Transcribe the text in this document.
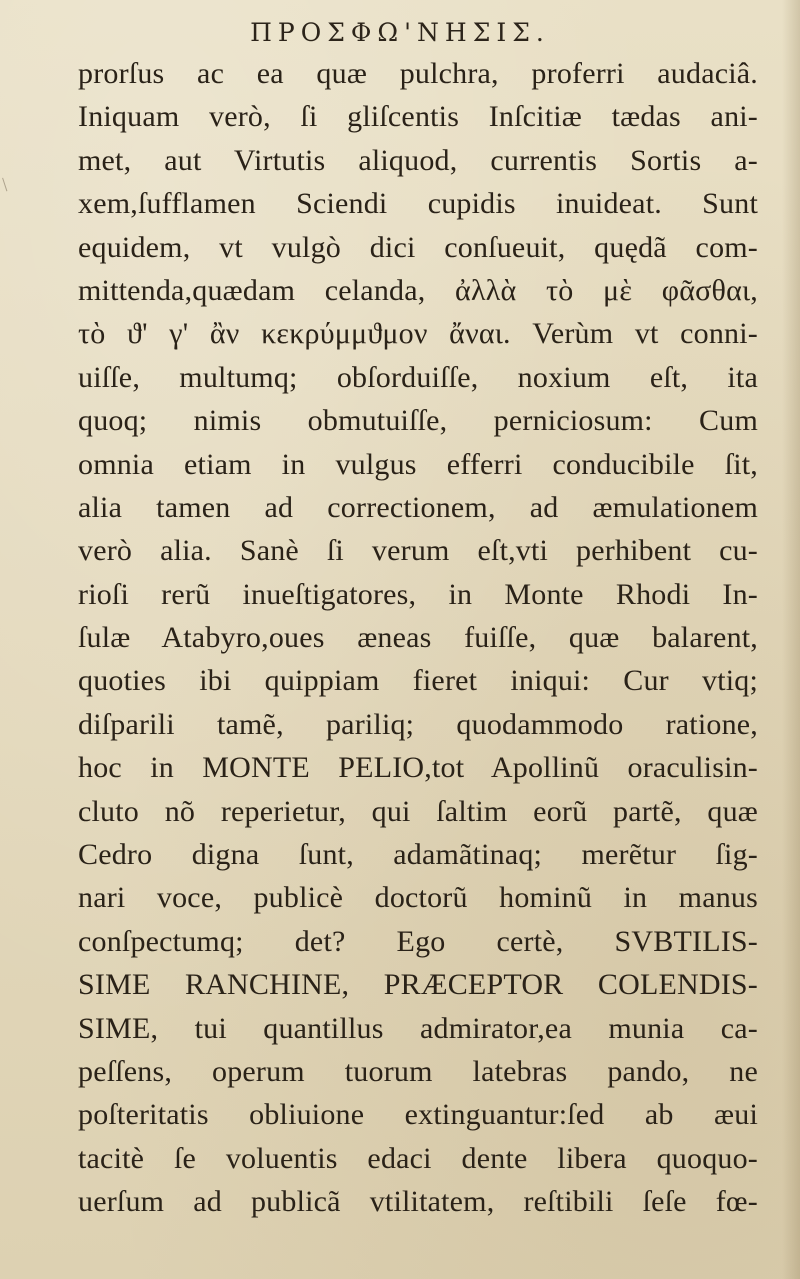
ΠΡΟΣΦΩ'ΝΗΣΙΣ.
prorſus ac ea quæ pulchra, proferri audaciâ.
Iniquam verò, ſi gliſcentis Inſcitiæ tædas ani-
met, aut Virtutis aliquod, currentis Sortis a-
xem,ſufflamen Sciendi cupidis inuideat. Sunt
equidem, vt vulgò dici conſueuit, quędã com-
mittenda,quædam celanda, ἀλλὰ τὸ μὲ φᾶσθαι,
τὸ ϑ' γ' ἂν κεκρύμμϑμον ἄναι. Verùm vt conni-
uiſſe, multumq; obſorduiſſe, noxium eſt, ita
quoq; nimis obmutuiſſe, perniciosum: Cum
omnia etiam in vulgus efferri conducibile ſit,
alia tamen ad correctionem, ad æmulationem
verò alia. Sanè ſi verum eſt,vti perhibent cu-
rioſi rerũ inueſtigatores, in Monte Rhodi In-
ſulæ Atabyro,oues æneas fuiſſe, quæ balarent,
quoties ibi quippiam fieret iniqui: Cur vtiq;
diſparili tamẽ, pariliq; quodammodo ratione,
hoc in MONTE PELIO,tot Apollinũ oraculisin-
cluto nõ reperietur, qui ſaltim eorũ partẽ, quæ
Cedro digna ſunt, adamãtinaq; merẽtur ſig-
nari voce, publicè doctorũ hominũ in manus
conſpectumq; det? Ego certè, SVBTILIS-
SIME RANCHINE, PRÆCEPTOR COLENDIS-
SIME, tui quantillus admirator,ea munia ca-
peſſens, operum tuorum latebras pando, ne
poſteritatis obliuione extinguantur:ſed ab æui
tacitè ſe voluentis edaci dente libera quoquo-
uerſum ad publicã vtilitatem, reſtibili ſeſe fœ-
